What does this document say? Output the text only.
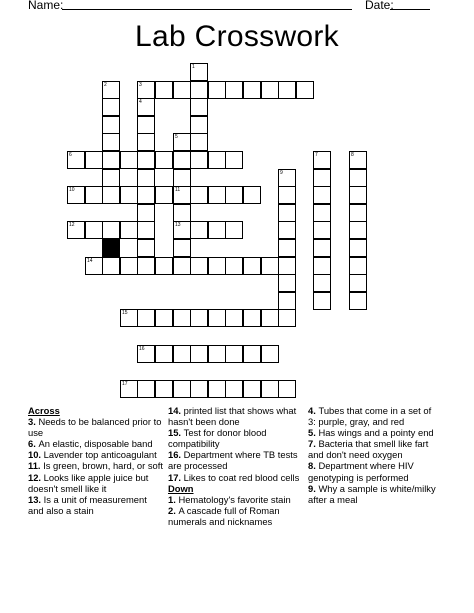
Name:	Date:
Lab Crosswork
1
2	3
4
5
11
13
6	7	8
9
10
12
14
15
16
17
Across
3. Needs to be balanced prior to use
6. An elastic, disposable band
10. Lavender top anticoagulant
11. Is green, brown, hard, or soft
12. Looks like apple juice but doesn't smell like it
13. Is a unit of measurement and also a stain
14. printed list that shows what hasn't been done
15. Test for donor blood compatibility
16. Department where TB tests are processed
17. Likes to coat red blood cells
Down
1. Hematology's favorite stain
2. A cascade full of Roman numerals and nicknames
4. Tubes that come in a set of 3: purple, gray, and red
5. Has wings and a pointy end
7. Bacteria that smell like fart and don't need oxygen
8. Department where HIV genotyping is performed
9. Why a sample is white/milky after a meal
